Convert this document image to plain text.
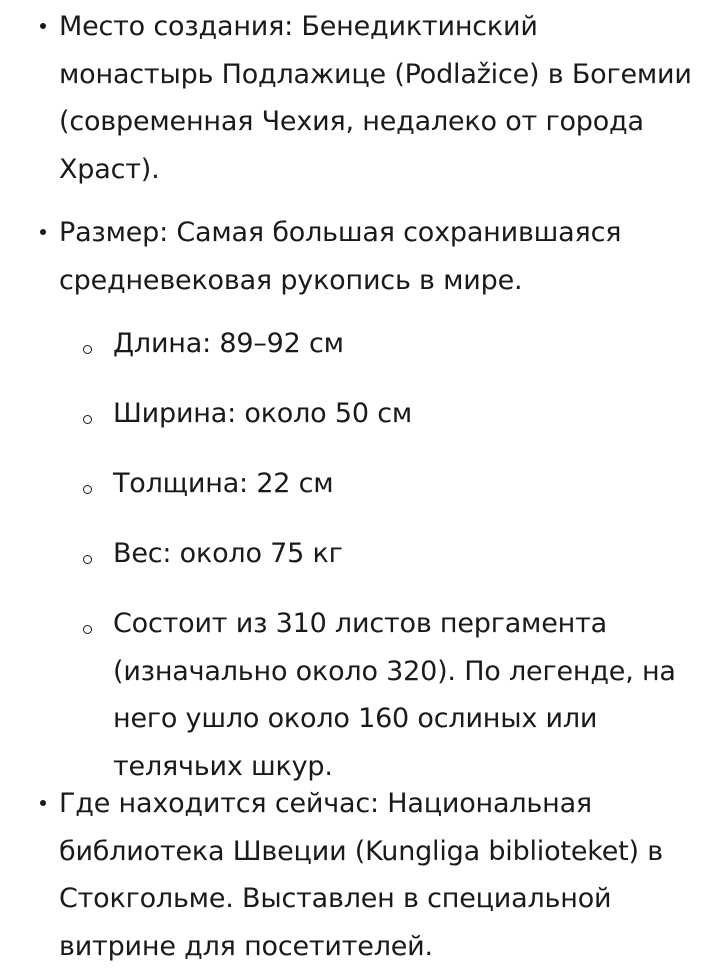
Место создания: Бенедиктинский монастырь Подлажице (Podlažice) в Богемии (современная Чехия, недалеко от города Храст).

Размер: Самая большая сохранившаяся средневековая рукопись в мире.

Длина: 89–92 см

Ширина: около 50 см

Толщина: 22 см

Вес: около 75 кг

Состоит из 310 листов пергамента (изначально около 320). По легенде, на него ушло около 160 ослиных или телячьих шкур.

Где находится сейчас: Национальная библиотека Швеции (Kungliga biblioteket) в Стокгольме. Выставлен в специальной витрине для посетителей.
